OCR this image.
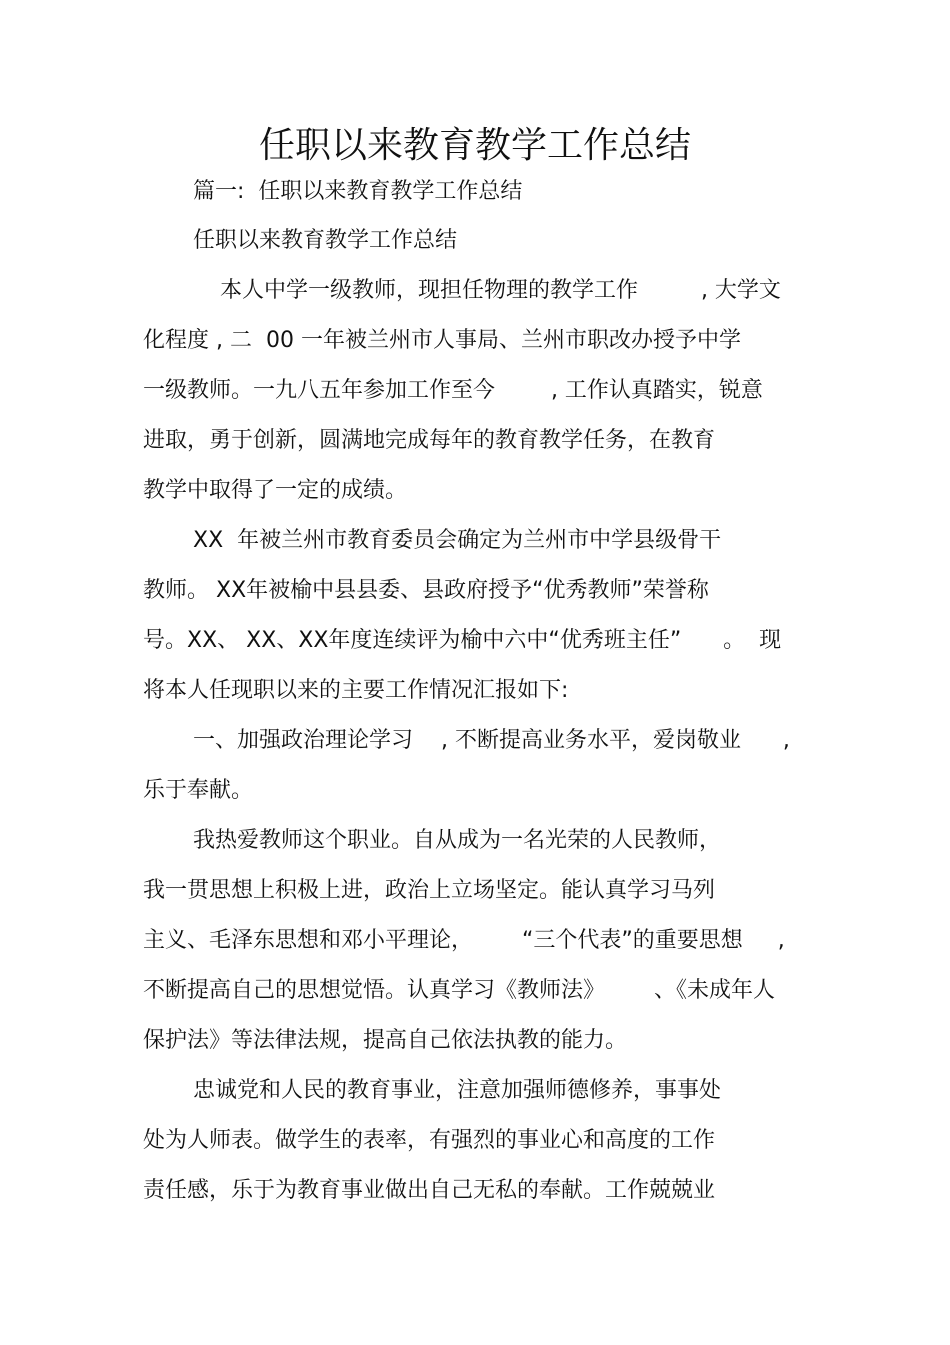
任职以来教育教学工作总结
篇一:  任职以来教育教学工作总结
任职以来教育教学工作总结
本人中学一级教师，现担任物理的教学工作         , 大学文
化程度 , 二  00 一年被兰州市人事局、兰州市职改办授予中学
一级教师。一九八五年参加工作至今        , 工作认真踏实，锐意
进取，勇于创新，圆满地完成每年的教育教学任务，在教育
教学中取得了一定的成绩。
XX  年被兰州市教育委员会确定为兰州市中学县级骨干
教师。 XX年被榆中县县委、县政府授予“优秀教师”荣誉称
号。XX、 XX、XX年度连续评为榆中六中“优秀班主任”      。  现
将本人任现职以来的主要工作情况汇报如下:
一、加强政治理论学习    , 不断提高业务水平，爱岗敬业      ,
乐于奉献。
我热爱教师这个职业。自从成为一名光荣的人民教师，
我一贯思想上积极上进，政治上立场坚定。能认真学习马列
主义、毛泽东思想和邓小平理论，       “三个代表”的重要思想     ,
不断提高自己的思想觉悟。认真学习《教师法》       、《未成年人
保护法》等法律法规，提高自己依法执教的能力。
忠诚党和人民的教育事业，注意加强师德修养，事事处
处为人师表。做学生的表率，有强烈的事业心和高度的工作
责任感，乐于为教育事业做出自己无私的奉献。工作兢兢业
